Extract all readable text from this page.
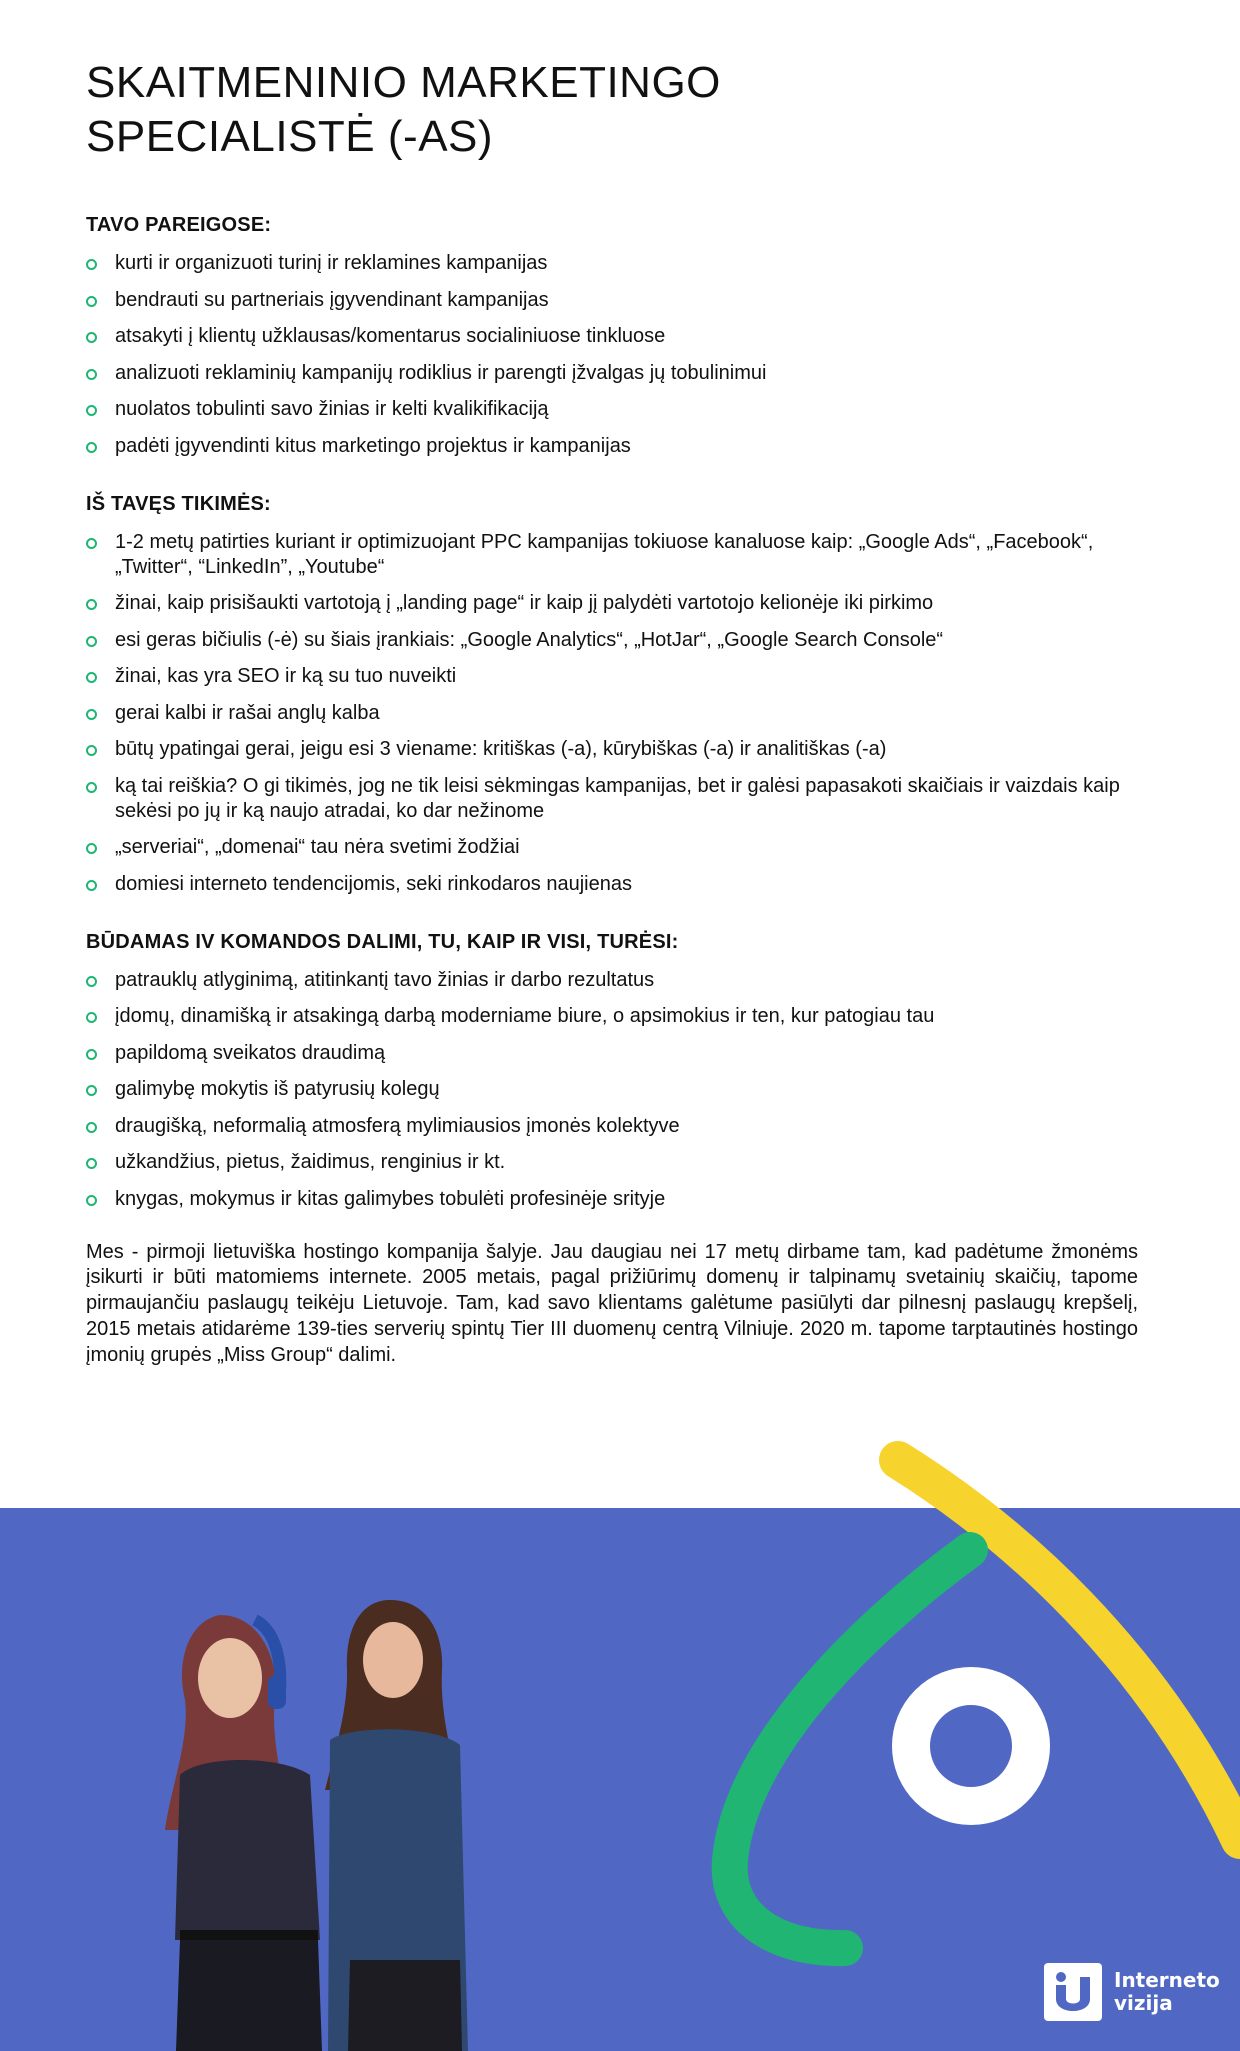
SKAITMENINIO MARKETINGO
SPECIALISTĖ (-AS)
TAVO PAREIGOSE:
kurti ir organizuoti turinį ir reklamines kampanijas
bendrauti su partneriais įgyvendinant kampanijas
atsakyti į klientų užklausas/komentarus socialiniuose tinkluose
analizuoti reklaminių kampanijų rodiklius ir parengti įžvalgas jų tobulinimui
nuolatos tobulinti savo žinias ir kelti kvalikifikaciją
padėti įgyvendinti kitus marketingo projektus ir kampanijas
IŠ TAVĘS TIKIMĖS:
1-2 metų patirties kuriant ir optimizuojant PPC kampanijas tokiuose kanaluose kaip: „Google Ads“, „Facebook“, „Twitter“, “LinkedIn”, „Youtube“
žinai, kaip prisišaukti vartotoją į „landing page“ ir kaip jį palydėti vartotojo kelionėje iki pirkimo
esi geras bičiulis (-ė) su šiais įrankiais: „Google Analytics“, „HotJar“, „Google Search Console“
žinai, kas yra SEO ir ką su tuo nuveikti
gerai kalbi ir rašai anglų kalba
būtų ypatingai gerai, jeigu esi 3 viename: kritiškas (-a), kūrybiškas (-a) ir analitiškas (-a)
ką tai reiškia? O gi tikimės, jog ne tik leisi sėkmingas kampanijas, bet ir galėsi papasakoti skaičiais ir vaizdais kaip sekėsi po jų ir ką naujo atradai, ko dar nežinome
„serveriai“, „domenai“ tau nėra svetimi žodžiai
domiesi interneto tendencijomis, seki rinkodaros naujienas
BŪDAMAS IV KOMANDOS DALIMI, TU, KAIP IR VISI, TURĖSI:
patrauklų atlyginimą, atitinkantį tavo žinias ir darbo rezultatus
įdomų, dinamišką ir atsakingą darbą moderniame biure, o apsimokius ir ten, kur patogiau tau
papildomą sveikatos draudimą
galimybę mokytis iš patyrusių kolegų
draugišką, neformalią atmosferą mylimiausios įmonės kolektyve
užkandžius, pietus, žaidimus, renginius ir kt.
knygas, mokymus ir kitas galimybes tobulėti profesinėje srityje

Mes - pirmoji lietuviška hostingo kompanija šalyje. Jau daugiau nei 17 metų dirbame tam, kad padėtume žmonėms įsikurti ir būti matomiems internete. 2005 metais, pagal prižiūrimų domenų ir talpinamų svetainių skaičių, tapome pirmaujančiu paslaugų teikėju Lietuvoje. Tam, kad savo klientams galėtume pasiūlyti dar pilnesnį paslaugų krepšelį, 2015 metais atidarėme 139-ties serverių spintų Tier III duomenų centrą Vilniuje. 2020 m. tapome tarptautinės hostingo įmonių grupės „Miss Group“ dalimi.

Interneto
vizija
